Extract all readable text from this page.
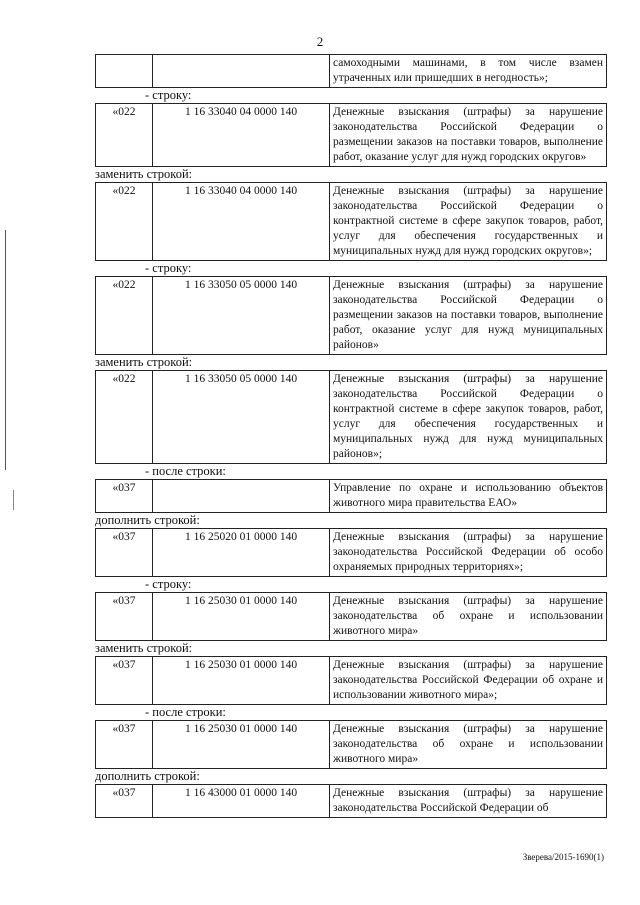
2
		самоходными машинами, в том числе взамен утраченных или пришедших в негодность»;
- строку:
«022	1 16 33040 04 0000 140	Денежные взыскания (штрафы) за нарушение законодательства Российской Федерации о размещении заказов на поставки товаров, выполнение работ, оказание услуг для нужд городских округов»
заменить строкой:
«022	1 16 33040 04 0000 140	Денежные взыскания (штрафы) за нарушение законодательства Российской Федерации о контрактной системе в сфере закупок товаров, работ, услуг для обеспечения государственных и муниципальных нужд для нужд городских округов»;
- строку:
«022	1 16 33050 05 0000 140	Денежные взыскания (штрафы) за нарушение законодательства Российской Федерации о размещении заказов на поставки товаров, выполнение работ, оказание услуг для нужд муниципальных районов»
заменить строкой:
«022	1 16 33050 05 0000 140	Денежные взыскания (штрафы) за нарушение законодательства Российской Федерации о контрактной системе в сфере закупок товаров, работ, услуг для обеспечения государственных и муниципальных нужд для нужд муниципальных районов»;
- после строки:
«037		Управление по охране и использованию объектов животного мира правительства ЕАО»
дополнить строкой:
«037	1 16 25020 01 0000 140	Денежные взыскания (штрафы) за нарушение законодательства Российской Федерации об особо охраняемых природных территориях»;
- строку:
«037	1 16 25030 01 0000 140	Денежные взыскания (штрафы) за нарушение законодательства об охране и использовании животного мира»
заменить строкой:
«037	1 16 25030 01 0000 140	Денежные взыскания (штрафы) за нарушение законодательства Российской Федерации об охране и использовании животного мира»;
- после строки:
«037	1 16 25030 01 0000 140	Денежные взыскания (штрафы) за нарушение законодательства об охране и использовании животного мира»
дополнить строкой:
«037	1 16 43000 01 0000 140	Денежные взыскания (штрафы) за нарушение законодательства Российской Федерации об
Зверева/2015-1690(1)
